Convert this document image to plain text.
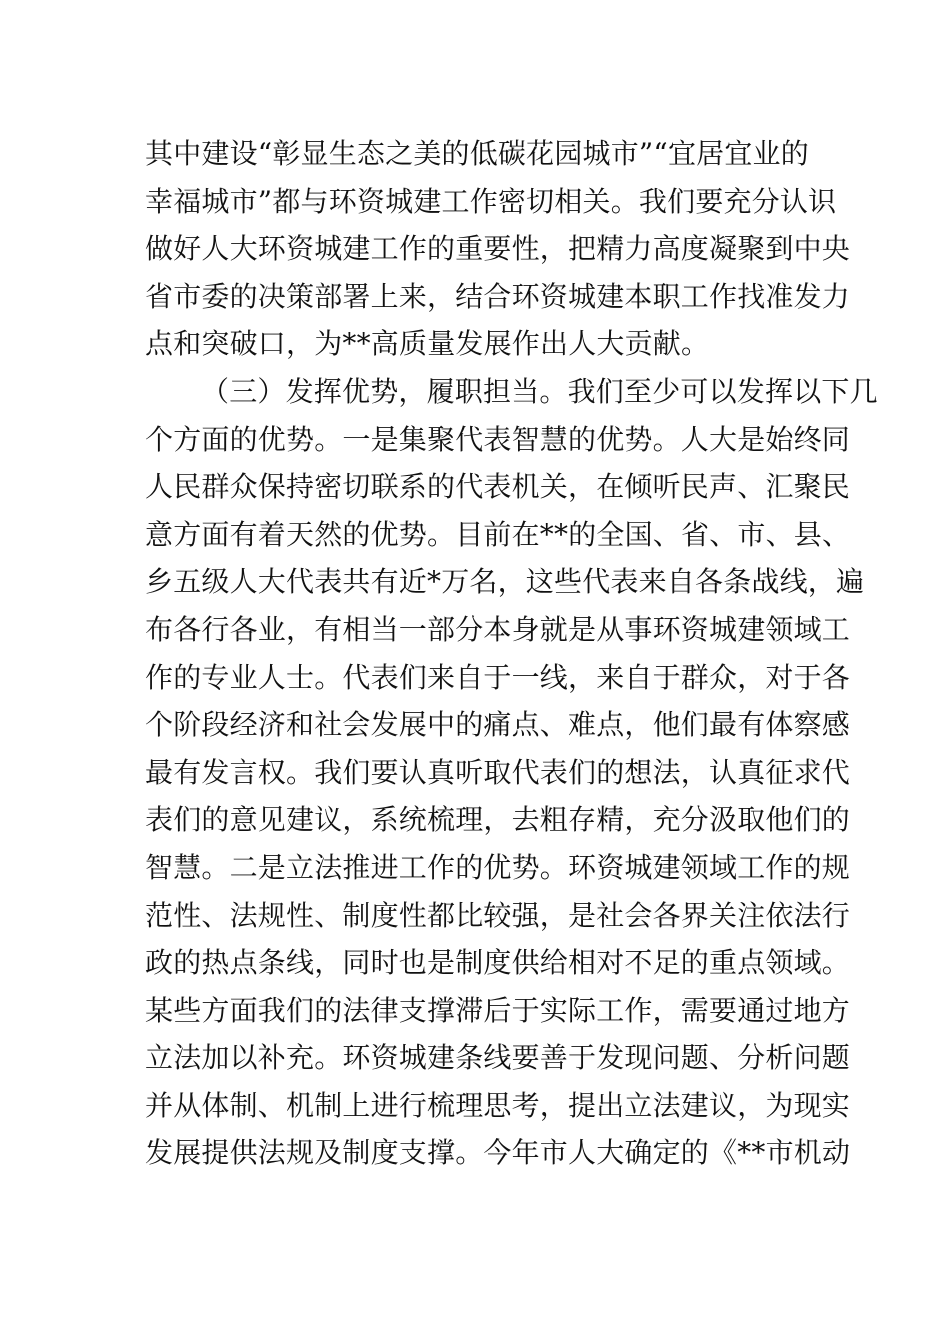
其中建设“彰显生态之美的低碳花园城市”“宜居宜业的
幸福城市”都与环资城建工作密切相关。我们要充分认识
做好人大环资城建工作的重要性，把精力高度凝聚到中央
省市委的决策部署上来，结合环资城建本职工作找准发力
点和突破口，为**高质量发展作出人大贡献。
（三）发挥优势，履职担当。我们至少可以发挥以下几
个方面的优势。一是集聚代表智慧的优势。人大是始终同
人民群众保持密切联系的代表机关，在倾听民声、汇聚民
意方面有着天然的优势。目前在**的全国、省、市、县、
乡五级人大代表共有近*万名，这些代表来自各条战线，遍
布各行各业，有相当一部分本身就是从事环资城建领域工
作的专业人士。代表们来自于一线，来自于群众，对于各
个阶段经济和社会发展中的痛点、难点，他们最有体察感
最有发言权。我们要认真听取代表们的想法，认真征求代
表们的意见建议，系统梳理，去粗存精，充分汲取他们的
智慧。二是立法推进工作的优势。环资城建领域工作的规
范性、法规性、制度性都比较强，是社会各界关注依法行
政的热点条线，同时也是制度供给相对不足的重点领域。
某些方面我们的法律支撑滞后于实际工作，需要通过地方
立法加以补充。环资城建条线要善于发现问题、分析问题
并从体制、机制上进行梳理思考，提出立法建议，为现实
发展提供法规及制度支撑。今年市人大确定的《**市机动
